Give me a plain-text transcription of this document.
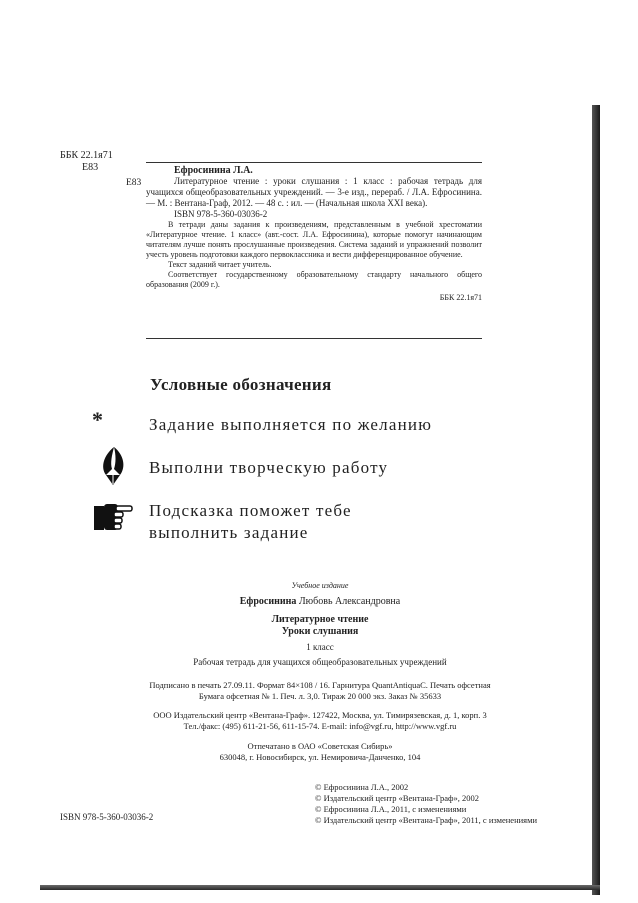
ББК 22.1я71
Е83	Ефросинина Л.А.
Е83	Литературное чтение : уроки слушания : 1 класс : рабочая тетрадь для учащихся общеобразовательных учреждений. — 3-е изд., перераб. / Л.А. Ефросинина. — М. : Вентана-Граф, 2012. — 48 с. : ил. — (Начальная школа XXI века).

ISBN 978-5-360-03036-2

В тетради даны задания к произведениям, представленным в учебной хрестоматии «Литературное чтение. 1 класс» (авт.-сост. Л.А. Ефросинина), которые помогут начинающим читателям лучше понять прослушанные произведения. Система заданий и упражнений позволит учесть уровень подготовки каждого первоклассника и вести дифференцированное обучение.

Текст заданий читает учитель.

Соответствует государственному образовательному стандарту начального общего образования (2009 г.).

ББК 22.1я71
Условные обозначения
*	Задание выполняется по желанию
Выполни творческую работу
Подсказка поможет тебе
выполнить задание
Учебное издание
Ефросинина Любовь Александровна
Литературное чтение
Уроки слушания
1 класс
Рабочая тетрадь для учащихся общеобразовательных учреждений
Подписано в печать 27.09.11. Формат 84×108 / 16. Гарнитура QuantAntiquaC. Печать офсетная
Бумага офсетная № 1. Печ. л. 3,0. Тираж 20 000 экз. Заказ № 35633
ООО Издательский центр «Вентана-Граф». 127422, Москва, ул. Тимирязевская, д. 1, корп. 3
Тел./факс: (495) 611-21-56, 611-15-74. E-mail: info@vgf.ru, http://www.vgf.ru
Отпечатано в ОАО «Советская Сибирь»
630048, г. Новосибирск, ул. Немировича-Данченко, 104
© Ефросинина Л.А., 2002
© Издательский центр «Вентана-Граф», 2002
© Ефросинина Л.А., 2011, с изменениями
© Издательский центр «Вентана-Граф», 2011, с изменениями
ISBN 978-5-360-03036-2
